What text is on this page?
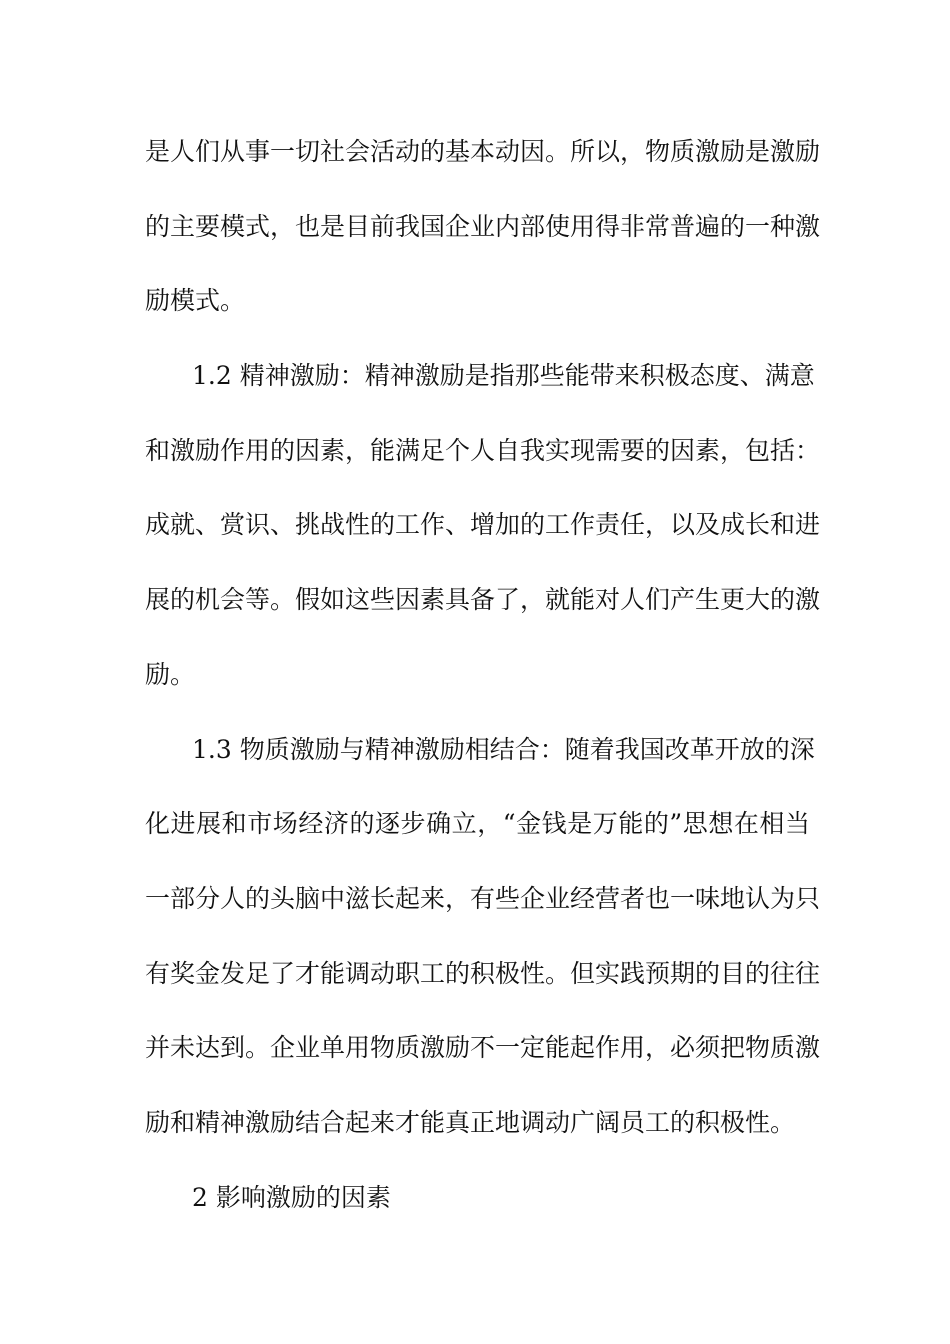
是人们从事一切社会活动的基本动因。所以，物质激励是激励
的主要模式，也是目前我国企业内部使用得非常普遍的一种激
励模式。
1.2 精神激励：精神激励是指那些能带来积极态度、满意
和激励作用的因素，能满足个人自我实现需要的因素，包括：
成就、赏识、挑战性的工作、增加的工作责任，以及成长和进
展的机会等。假如这些因素具备了，就能对人们产生更大的激
励。
1.3 物质激励与精神激励相结合：随着我国改革开放的深
化进展和市场经济的逐步确立，“金钱是万能的”思想在相当
一部分人的头脑中滋长起来，有些企业经营者也一味地认为只
有奖金发足了才能调动职工的积极性。但实践预期的目的往往
并未达到。企业单用物质激励不一定能起作用，必须把物质激
励和精神激励结合起来才能真正地调动广阔员工的积极性。
2 影响激励的因素
